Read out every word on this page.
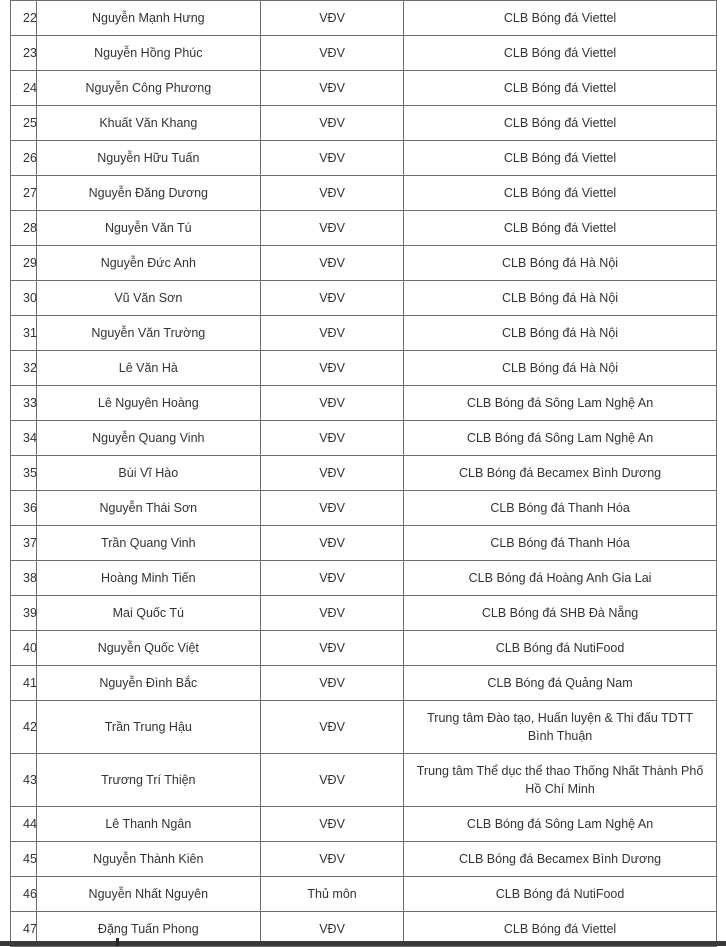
22	Nguyễn Mạnh Hưng	VĐV	CLB Bóng đá Viettel
23	Nguyễn Hồng Phúc	VĐV	CLB Bóng đá Viettel
24	Nguyễn Công Phương	VĐV	CLB Bóng đá Viettel
25	Khuất Văn Khang	VĐV	CLB Bóng đá Viettel
26	Nguyễn Hữu Tuấn	VĐV	CLB Bóng đá Viettel
27	Nguyễn Đăng Dương	VĐV	CLB Bóng đá Viettel
28	Nguyễn Văn Tú	VĐV	CLB Bóng đá Viettel
29	Nguyễn Đức Anh	VĐV	CLB Bóng đá Hà Nội
30	Vũ Văn Sơn	VĐV	CLB Bóng đá Hà Nội
31	Nguyễn Văn Trường	VĐV	CLB Bóng đá Hà Nội
32	Lê Văn Hà	VĐV	CLB Bóng đá Hà Nội
33	Lê Nguyên Hoàng	VĐV	CLB Bóng đá Sông Lam Nghệ An
34	Nguyễn Quang Vinh	VĐV	CLB Bóng đá Sông Lam Nghệ An
35	Bùi Vĩ Hào	VĐV	CLB Bóng đá Becamex Bình Dương
36	Nguyễn Thái Sơn	VĐV	CLB Bóng đá Thanh Hóa
37	Trần Quang Vinh	VĐV	CLB Bóng đá Thanh Hóa
38	Hoàng Minh Tiến	VĐV	CLB Bóng đá Hoàng Anh Gia Lai
39	Mai Quốc Tú	VĐV	CLB Bóng đá SHB Đà Nẵng
40	Nguyễn Quốc Việt	VĐV	CLB Bóng đá NutiFood
41	Nguyễn Đình Bắc	VĐV	CLB Bóng đá Quảng Nam
42	Trần Trung Hậu	VĐV	Trung tâm Đào tạo, Huấn luyện & Thi đấu TDTT Bình Thuận
43	Trương Trí Thiện	VĐV	Trung tâm Thể dục thể thao Thống Nhất Thành Phố Hồ Chí Minh
44	Lê Thanh Ngân	VĐV	CLB Bóng đá Sông Lam Nghệ An
45	Nguyễn Thành Kiên	VĐV	CLB Bóng đá Becamex Bình Dương
46	Nguyễn Nhất Nguyên	Thủ môn	CLB Bóng đá NutiFood
47	Đặng Tuấn Phong	VĐV	CLB Bóng đá Viettel
